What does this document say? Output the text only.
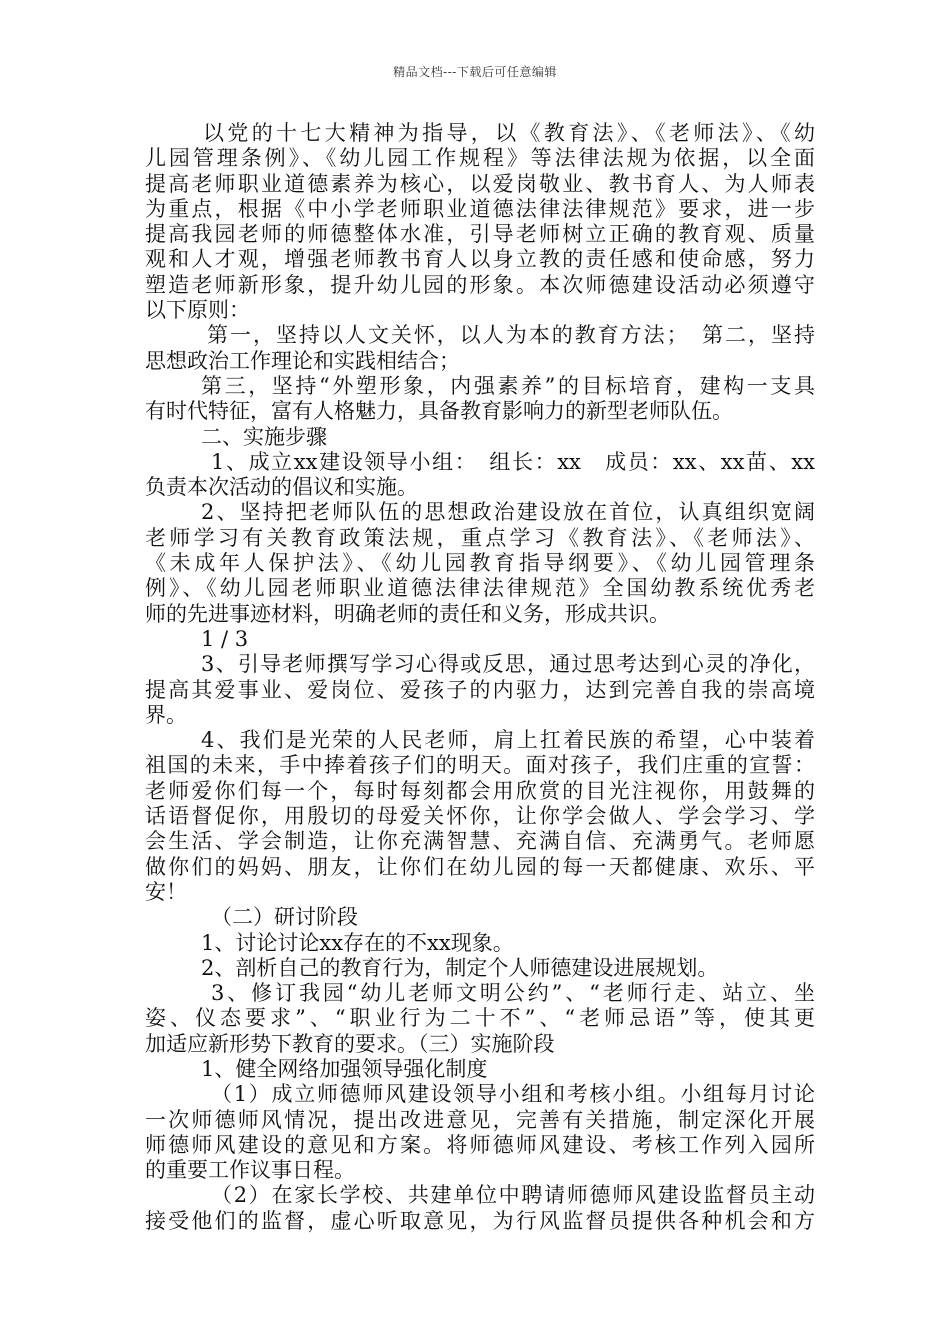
精品文档---下载后可任意编辑
以党的十七大精神为指导，以《教育法》、《老师法》、《幼
儿园管理条例》、《幼儿园工作规程》等法律法规为依据，以全面
提高老师职业道德素养为核心，以爱岗敬业、教书育人、为人师表
为重点，根据《中小学老师职业道德法律法律规范》要求，进一步
提高我园老师的师德整体水准，引导老师树立正确的教育观、质量
观和人才观，增强老师教书育人以身立教的责任感和使命感，努力
塑造老师新形象，提升幼儿园的形象。本次师德建设活动必须遵守
以下原则：
第一，坚持以人文关怀，以人为本的教育方法；　第二，坚持
思想政治工作理论和实践相结合；
第三，坚持“外塑形象，内强素养”的目标培育，建构一支具
有时代特征，富有人格魅力，具备教育影响力的新型老师队伍。
二、实施步骤
1、成立xx建设领导小组：　组长：xx　成员：xx、xx苗、xx
负责本次活动的倡议和实施。
2、坚持把老师队伍的思想政治建设放在首位，认真组织宽阔
老师学习有关教育政策法规，重点学习《教育法》、《老师法》、
《未成年人保护法》、《幼儿园教育指导纲要》、《幼儿园管理条
例》、《幼儿园老师职业道德法律法律规范》全国幼教系统优秀老
师的先进事迹材料，明确老师的责任和义务，形成共识。
1 / 3
3、引导老师撰写学习心得或反思，通过思考达到心灵的净化，
提高其爱事业、爱岗位、爱孩子的内驱力，达到完善自我的崇高境
界。
4、我们是光荣的人民老师，肩上扛着民族的希望，心中装着
祖国的未来，手中捧着孩子们的明天。面对孩子，我们庄重的宣誓：
老师爱你们每一个，每时每刻都会用欣赏的目光注视你，用鼓舞的
话语督促你，用殷切的母爱关怀你，让你学会做人、学会学习、学
会生活、学会制造，让你充满智慧、充满自信、充满勇气。老师愿
做你们的妈妈、朋友，让你们在幼儿园的每一天都健康、欢乐、平
安！
（二）研讨阶段
1、讨论讨论xx存在的不xx现象。
2、剖析自己的教育行为，制定个人师德建设进展规划。
3、修订我园“幼儿老师文明公约”、“老师行走、站立、坐
姿、仪态要求”、“职业行为二十不”、“老师忌语”等，使其更
加适应新形势下教育的要求。（三）实施阶段
1、健全网络加强领导强化制度
（1）成立师德师风建设领导小组和考核小组。小组每月讨论
一次师德师风情况，提出改进意见，完善有关措施，制定深化开展
师德师风建设的意见和方案。将师德师风建设、考核工作列入园所
的重要工作议事日程。
（2）在家长学校、共建单位中聘请师德师风建设监督员主动
接受他们的监督，虚心听取意见，为行风监督员提供各种机会和方
